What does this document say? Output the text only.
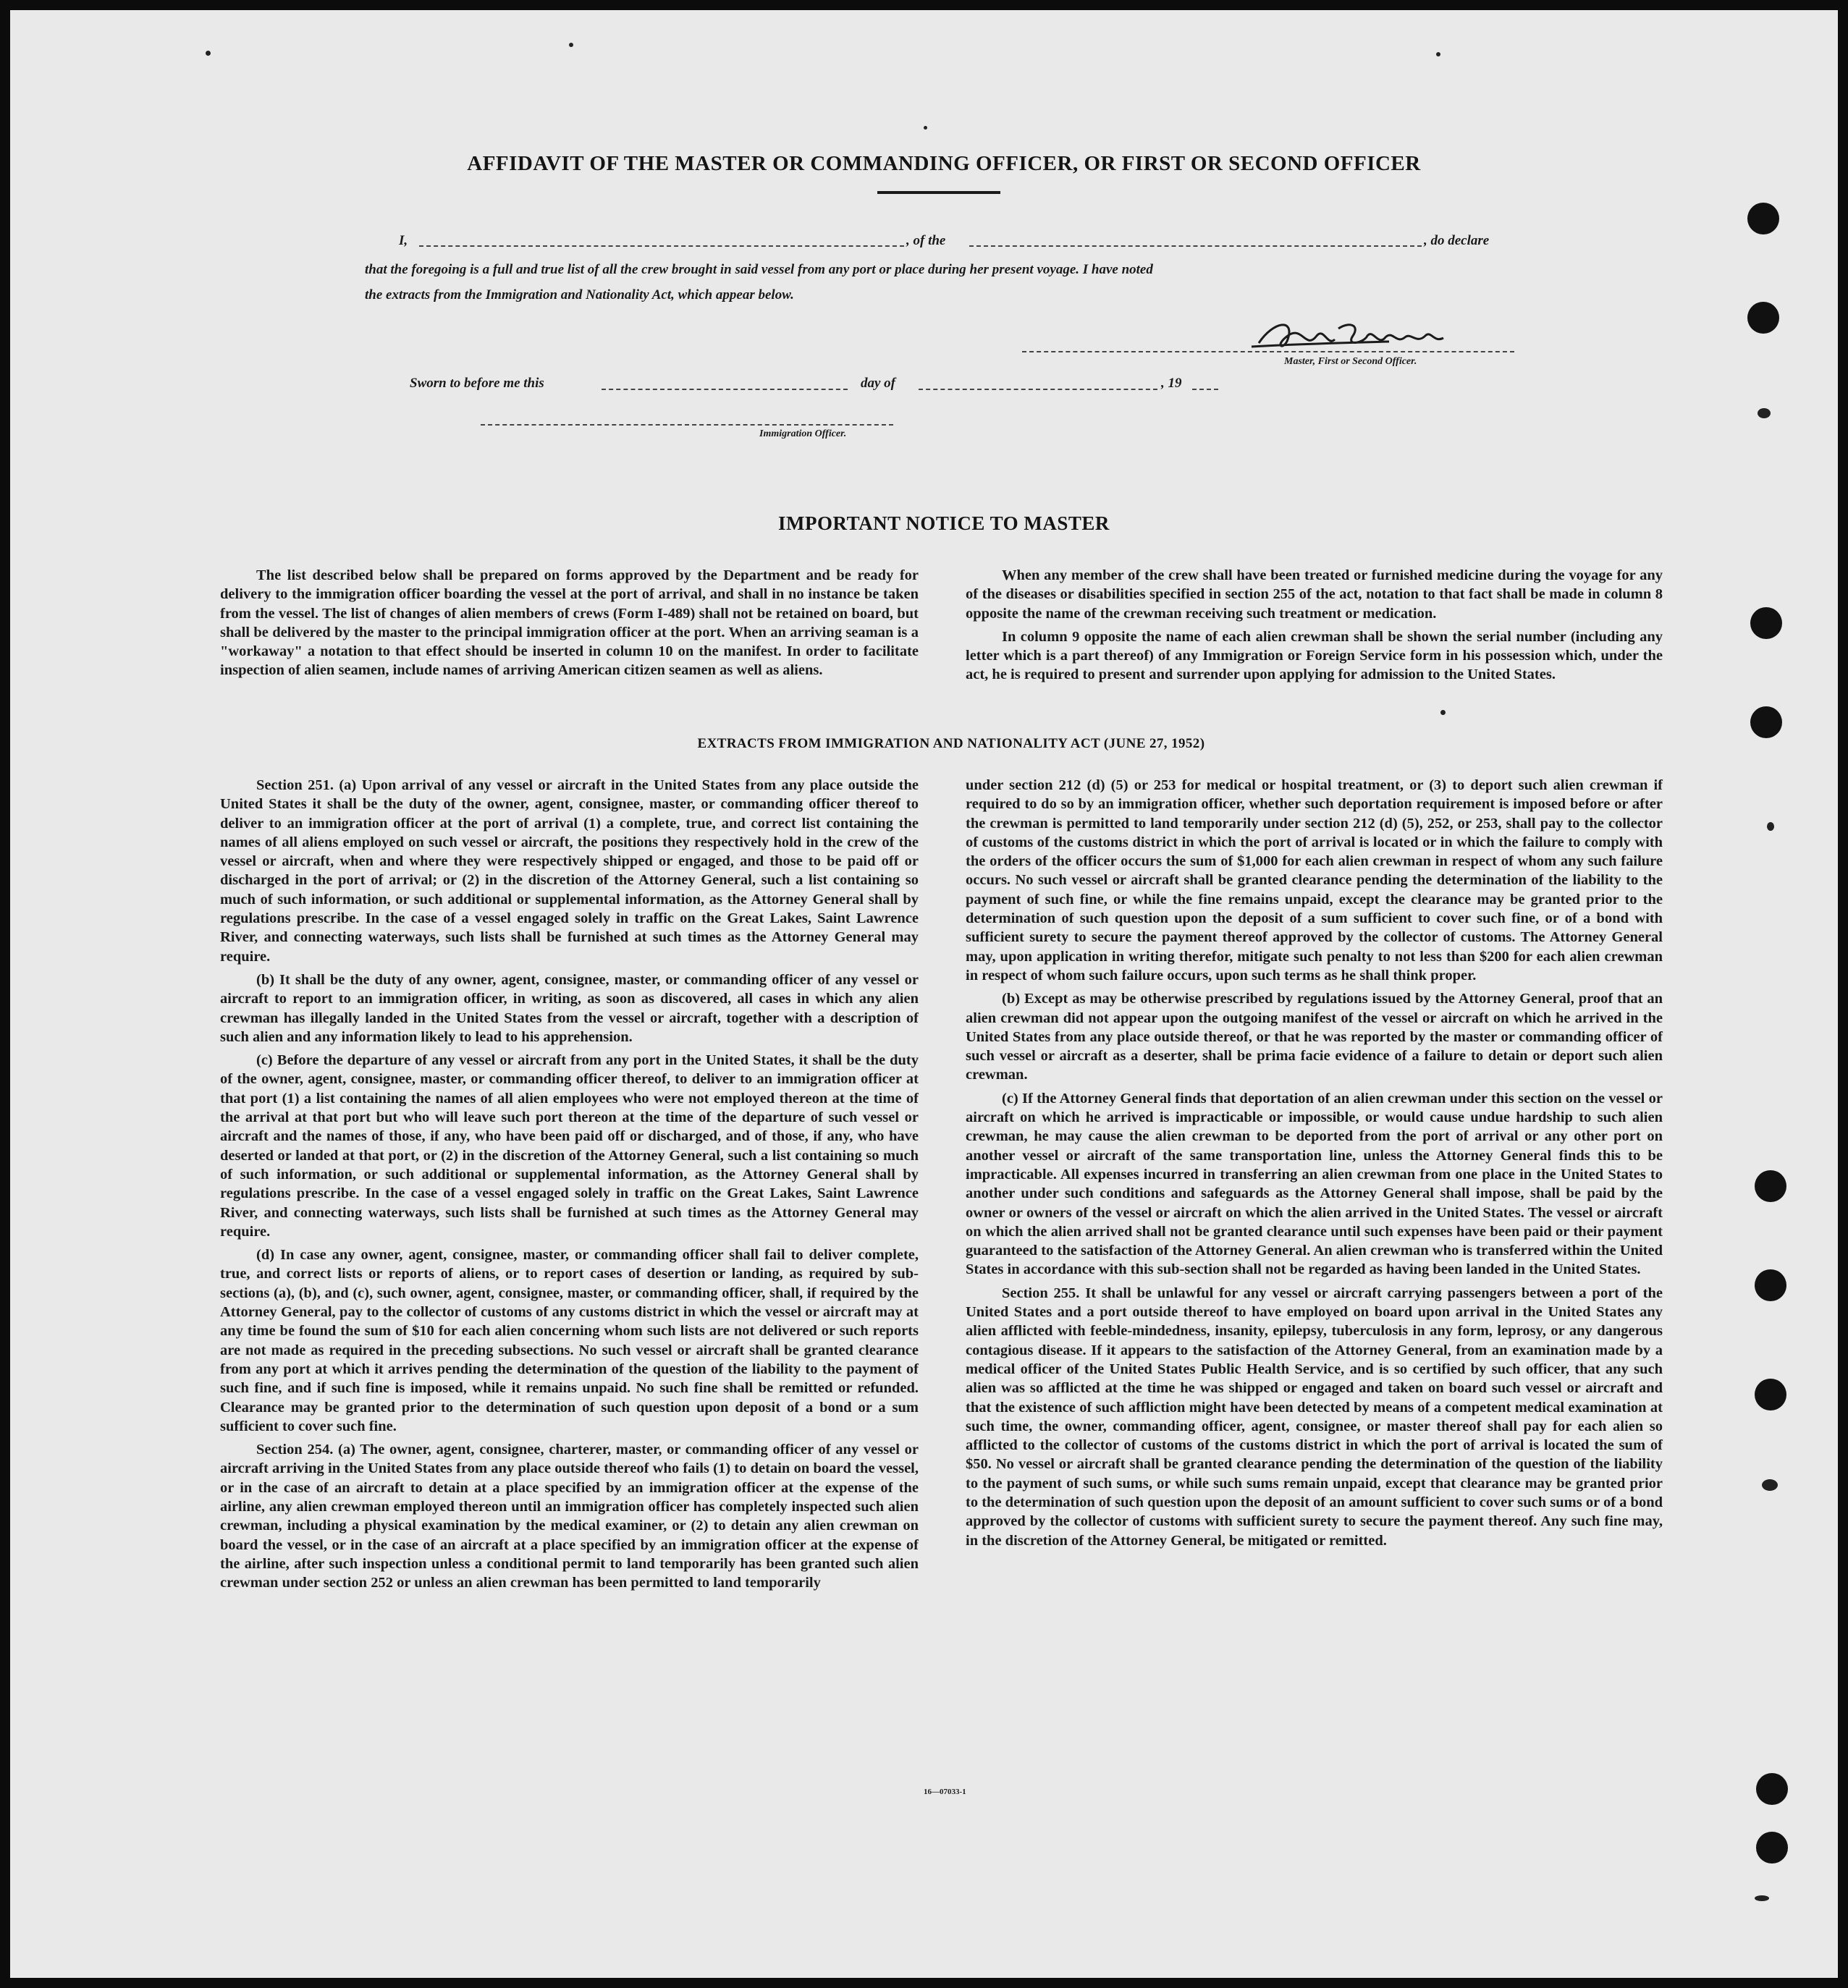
AFFIDAVIT OF THE MASTER OR COMMANDING OFFICER, OR FIRST OR SECOND OFFICER
I,	, of the	, do declare
that the foregoing is a full and true list of all the crew brought in said vessel from any port or place during her present voyage. I have noted
the extracts from the Immigration and Nationality Act, which appear below.
Master, First or Second Officer.
Sworn to before me this	day of	, 19
Immigration Officer.
IMPORTANT NOTICE TO MASTER

The list described below shall be prepared on forms approved by the Department and be ready for delivery to the immigration officer boarding the vessel at the port of arrival, and shall in no instance be taken from the vessel. The list of changes of alien members of crews (Form I-489) shall not be retained on board, but shall be delivered by the master to the principal immigration officer at the port. When an arriving seaman is a "workaway" a notation to that effect should be inserted in column 10 on the manifest. In order to facilitate inspection of alien seamen, include names of arriving American citizen seamen as well as aliens.

When any member of the crew shall have been treated or furnished medicine during the voyage for any of the diseases or disabilities specified in section 255 of the act, notation to that fact shall be made in column 8 opposite the name of the crewman receiving such treatment or medication.

In column 9 opposite the name of each alien crewman shall be shown the serial number (including any letter which is a part thereof) of any Immigration or Foreign Service form in his possession which, under the act, he is required to present and surrender upon applying for admission to the United States.

EXTRACTS FROM IMMIGRATION AND NATIONALITY ACT (JUNE 27, 1952)

Section 251. (a) Upon arrival of any vessel or aircraft in the United States from any place outside the United States it shall be the duty of the owner, agent, consignee, master, or commanding officer thereof to deliver to an immigration officer at the port of arrival (1) a complete, true, and correct list containing the names of all aliens employed on such vessel or aircraft, the positions they respectively hold in the crew of the vessel or aircraft, when and where they were respectively shipped or engaged, and those to be paid off or discharged in the port of arrival; or (2) in the discretion of the Attorney General, such a list containing so much of such information, or such additional or supplemental information, as the Attorney General shall by regulations prescribe. In the case of a vessel engaged solely in traffic on the Great Lakes, Saint Lawrence River, and connecting waterways, such lists shall be furnished at such times as the Attorney General may require.

(b) It shall be the duty of any owner, agent, consignee, master, or commanding officer of any vessel or aircraft to report to an immigration officer, in writing, as soon as discovered, all cases in which any alien crewman has illegally landed in the United States from the vessel or aircraft, together with a description of such alien and any information likely to lead to his apprehension.

(c) Before the departure of any vessel or aircraft from any port in the United States, it shall be the duty of the owner, agent, consignee, master, or commanding officer thereof, to deliver to an immigration officer at that port (1) a list containing the names of all alien employees who were not employed thereon at the time of the arrival at that port but who will leave such port thereon at the time of the departure of such vessel or aircraft and the names of those, if any, who have been paid off or discharged, and of those, if any, who have deserted or landed at that port, or (2) in the discretion of the Attorney General, such a list containing so much of such information, or such additional or supplemental information, as the Attorney General shall by regulations prescribe. In the case of a vessel engaged solely in traffic on the Great Lakes, Saint Lawrence River, and connecting waterways, such lists shall be furnished at such times as the Attorney General may require.

(d) In case any owner, agent, consignee, master, or commanding officer shall fail to deliver complete, true, and correct lists or reports of aliens, or to report cases of desertion or landing, as required by sub-sections (a), (b), and (c), such owner, agent, consignee, master, or commanding officer, shall, if required by the Attorney General, pay to the collector of customs of any customs district in which the vessel or aircraft may at any time be found the sum of $10 for each alien concerning whom such lists are not delivered or such reports are not made as required in the preceding subsections. No such vessel or aircraft shall be granted clearance from any port at which it arrives pending the determination of the question of the liability to the payment of such fine, and if such fine is imposed, while it remains unpaid. No such fine shall be remitted or refunded. Clearance may be granted prior to the determination of such question upon deposit of a bond or a sum sufficient to cover such fine.

Section 254. (a) The owner, agent, consignee, charterer, master, or commanding officer of any vessel or aircraft arriving in the United States from any place outside thereof who fails (1) to detain on board the vessel, or in the case of an aircraft to detain at a place specified by an immigration officer at the expense of the airline, any alien crewman employed thereon until an immigration officer has completely inspected such alien crewman, including a physical examination by the medical examiner, or (2) to detain any alien crewman on board the vessel, or in the case of an aircraft at a place specified by an immigration officer at the expense of the airline, after such inspection unless a conditional permit to land temporarily has been granted such alien crewman under section 252 or unless an alien crewman has been permitted to land temporarily

under section 212 (d) (5) or 253 for medical or hospital treatment, or (3) to deport such alien crewman if required to do so by an immigration officer, whether such deportation requirement is imposed before or after the crewman is permitted to land temporarily under section 212 (d) (5), 252, or 253, shall pay to the collector of customs of the customs district in which the port of arrival is located or in which the failure to comply with the orders of the officer occurs the sum of $1,000 for each alien crewman in respect of whom any such failure occurs. No such vessel or aircraft shall be granted clearance pending the determination of the liability to the payment of such fine, or while the fine remains unpaid, except the clearance may be granted prior to the determination of such question upon the deposit of a sum sufficient to cover such fine, or of a bond with sufficient surety to secure the payment thereof approved by the collector of customs. The Attorney General may, upon application in writing therefor, mitigate such penalty to not less than $200 for each alien crewman in respect of whom such failure occurs, upon such terms as he shall think proper.

(b) Except as may be otherwise prescribed by regulations issued by the Attorney General, proof that an alien crewman did not appear upon the outgoing manifest of the vessel or aircraft on which he arrived in the United States from any place outside thereof, or that he was reported by the master or commanding officer of such vessel or aircraft as a deserter, shall be prima facie evidence of a failure to detain or deport such alien crewman.

(c) If the Attorney General finds that deportation of an alien crewman under this section on the vessel or aircraft on which he arrived is impracticable or impossible, or would cause undue hardship to such alien crewman, he may cause the alien crewman to be deported from the port of arrival or any other port on another vessel or aircraft of the same transportation line, unless the Attorney General finds this to be impracticable. All expenses incurred in transferring an alien crewman from one place in the United States to another under such conditions and safeguards as the Attorney General shall impose, shall be paid by the owner or owners of the vessel or aircraft on which the alien arrived in the United States. The vessel or aircraft on which the alien arrived shall not be granted clearance until such expenses have been paid or their payment guaranteed to the satisfaction of the Attorney General. An alien crewman who is transferred within the United States in accordance with this sub-section shall not be regarded as having been landed in the United States.

Section 255. It shall be unlawful for any vessel or aircraft carrying passengers between a port of the United States and a port outside thereof to have employed on board upon arrival in the United States any alien afflicted with feeble-mindedness, insanity, epilepsy, tuberculosis in any form, leprosy, or any dangerous contagious disease. If it appears to the satisfaction of the Attorney General, from an examination made by a medical officer of the United States Public Health Service, and is so certified by such officer, that any such alien was so afflicted at the time he was shipped or engaged and taken on board such vessel or aircraft and that the existence of such affliction might have been detected by means of a competent medical examination at such time, the owner, commanding officer, agent, consignee, or master thereof shall pay for each alien so afflicted to the collector of customs of the customs district in which the port of arrival is located the sum of $50. No vessel or aircraft shall be granted clearance pending the determination of the question of the liability to the payment of such sums, or while such sums remain unpaid, except that clearance may be granted prior to the determination of such question upon the deposit of an amount sufficient to cover such sums or of a bond approved by the collector of customs with sufficient surety to secure the payment thereof. Any such fine may, in the discretion of the Attorney General, be mitigated or remitted.

16—07033-1
